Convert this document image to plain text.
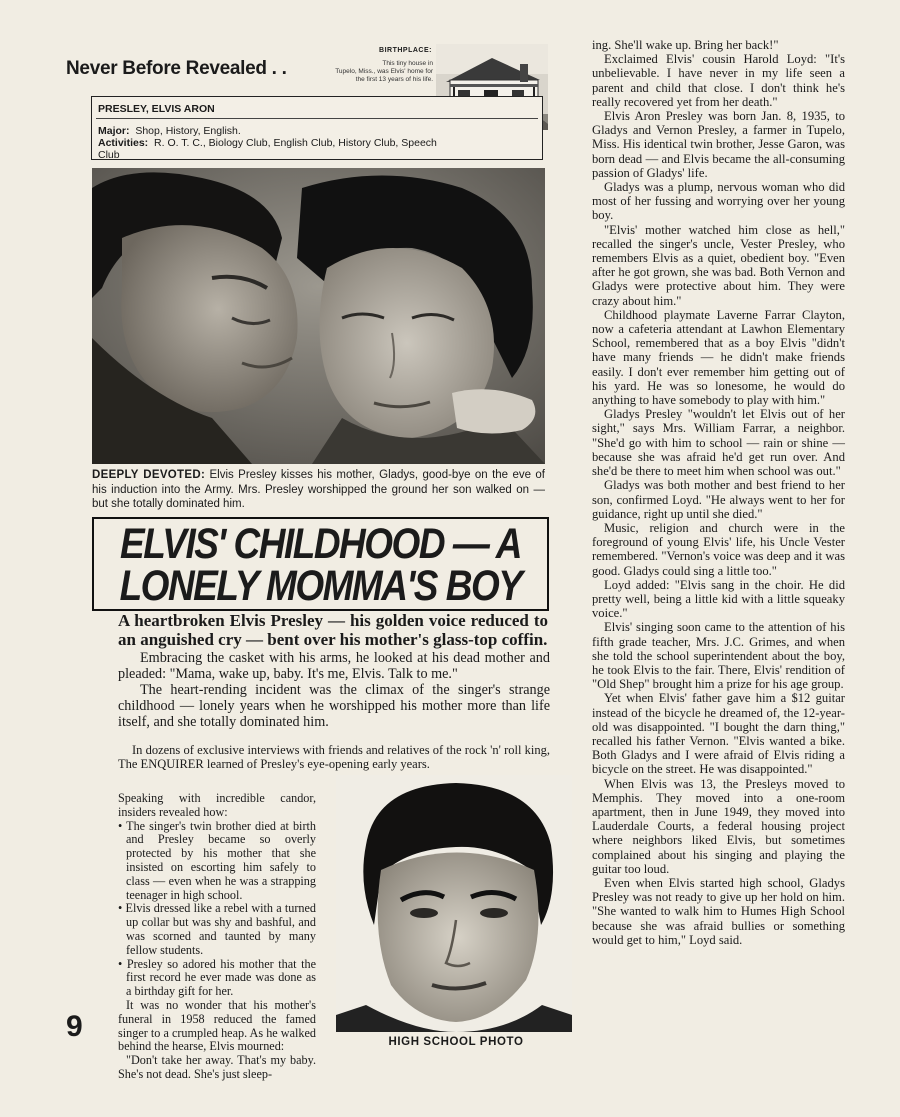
Never Before Revealed . .
BIRTHPLACE:
This tiny house in
Tupelo, Miss., was Elvis' home for
the first 13 years of his life.
PRESLEY, ELVIS ARON
Major: Shop, History, English.
Activities: R. O. T. C., Biology Club, English Club, History Club, Speech
Club
DEEPLY DEVOTED: Elvis Presley kisses his mother, Gladys, good-bye on the eve of his induction into the Army. Mrs. Presley worshipped the ground her son walked on — but she totally dominated him.
ELVIS' CHILDHOOD — A
LONELY MOMMA'S BOY
A heartbroken Elvis Presley — his golden voice reduced to an anguished cry — bent over his mother's glass-top coffin.

Embracing the casket with his arms, he looked at his dead mother and pleaded: "Mama, wake up, baby. It's me, Elvis. Talk to me."

The heart-rending incident was the climax of the singer's strange childhood — lonely years when he worshipped his mother more than life itself, and she totally dominated him.

In dozens of exclusive interviews with friends and relatives of the rock 'n' roll king, The ENQUIRER learned of Presley's eye-opening early years.

Speaking with incredible candor, insiders revealed how:

• The singer's twin brother died at birth and Presley became so overly protected by his mother that she insisted on escorting him safely to class — even when he was a strapping teenager in high school.

• Elvis dressed like a rebel with a turned up collar but was shy and bashful, and was scorned and taunted by many fellow students.

• Presley so adored his mother that the first record he ever made was done as a birthday gift for her.

It was no wonder that his mother's funeral in 1958 reduced the famed singer to a crumpled heap. As he walked behind the hearse, Elvis mourned:

"Don't take her away. That's my baby. She's not dead. She's just sleep-

HIGH SCHOOL PHOTO
9

ing. She'll wake up. Bring her back!"

Exclaimed Elvis' cousin Harold Loyd: "It's unbelievable. I have never in my life seen a parent and child that close. I don't think he's really recovered yet from her death."

Elvis Aron Presley was born Jan. 8, 1935, to Gladys and Vernon Presley, a farmer in Tupelo, Miss. His identical twin brother, Jesse Garon, was born dead — and Elvis became the all-consuming passion of Gladys' life.

Gladys was a plump, nervous woman who did most of her fussing and worrying over her young boy.

"Elvis' mother watched him close as hell," recalled the singer's uncle, Vester Presley, who remembers Elvis as a quiet, obedient boy. "Even after he got grown, she was bad. Both Vernon and Gladys were protective about him. They were crazy about him."

Childhood playmate Laverne Farrar Clayton, now a cafeteria attendant at Lawhon Elementary School, remembered that as a boy Elvis "didn't have many friends — he didn't make friends easily. I don't ever remember him getting out of his yard. He was so lonesome, he would do anything to have somebody to play with him."

Gladys Presley "wouldn't let Elvis out of her sight," says Mrs. William Farrar, a neighbor. "She'd go with him to school — rain or shine — because she was afraid he'd get run over. And she'd be there to meet him when school was out."

Gladys was both mother and best friend to her son, confirmed Loyd. "He always went to her for guidance, right up until she died."

Music, religion and church were in the foreground of young Elvis' life, his Uncle Vester remembered. "Vernon's voice was deep and it was good. Gladys could sing a little too."

Loyd added: "Elvis sang in the choir. He did pretty well, being a little kid with a little squeaky voice."

Elvis' singing soon came to the attention of his fifth grade teacher, Mrs. J.C. Grimes, and when she told the school superintendent about the boy, he took Elvis to the fair. There, Elvis' rendition of "Old Shep" brought him a prize for his age group.

Yet when Elvis' father gave him a $12 guitar instead of the bicycle he dreamed of, the 12-year-old was disappointed. "I bought the darn thing," recalled his father Vernon. "Elvis wanted a bike. Both Gladys and I were afraid of Elvis riding a bicycle on the street. He was disappointed."

When Elvis was 13, the Presleys moved to Memphis. They moved into a one-room apartment, then in June 1949, they moved into Lauderdale Courts, a federal housing project where neighbors liked Elvis, but sometimes complained about his singing and playing the guitar too loud.

Even when Elvis started high school, Gladys Presley was not ready to give up her hold on him. "She wanted to walk him to Humes High School because she was afraid bullies or something would get to him," Loyd said.
